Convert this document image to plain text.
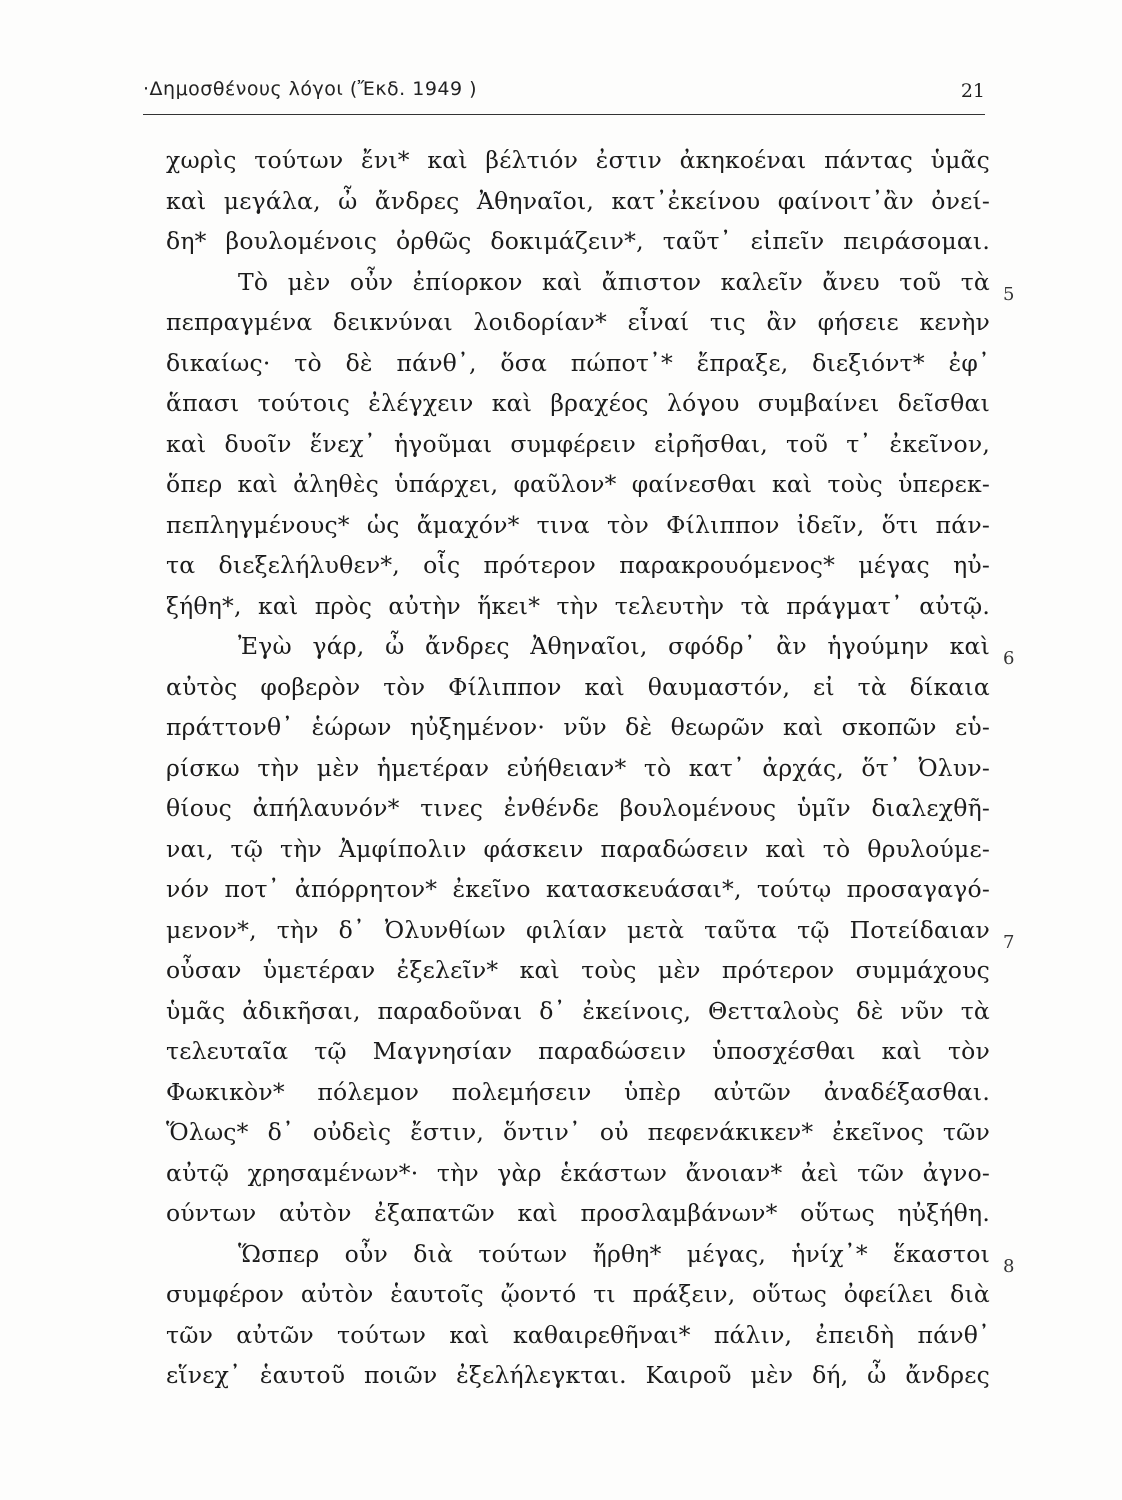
·Δημοσθένους λόγοι (Ἔκδ. 1949 )	21
χωρὶς τούτων ἔνι* καὶ βέλτιόν ἐστιν ἀκηκοέναι πάντας ὑμᾶς
καὶ μεγάλα, ὦ ἄνδρες Ἀθηναῖοι, κατ᾽ἐκείνου φαίνοιτ᾽ἂν ὀνεί-
δη* βουλομένοις ὀρθῶς δοκιμάζειν*, ταῦτ᾽ εἰπεῖν πειράσομαι.
Τὸ μὲν οὖν ἐπίορκον καὶ ἄπιστον καλεῖν ἄνευ τοῦ τὰ
πεπραγμένα δεικνύναι λοιδορίαν* εἶναί τις ἂν φήσειε κενὴν
δικαίως· τὸ δὲ πάνθ᾽, ὅσα πώποτ᾽* ἔπραξε, διεξιόντ* ἐφ᾽
ἅπασι τούτοις ἐλέγχειν καὶ βραχέος λόγου συμβαίνει δεῖσθαι
καὶ δυοῖν ἕνεχ᾽ ἡγοῦμαι συμφέρειν εἰρῆσθαι, τοῦ τ᾽ ἐκεῖνον,
ὅπερ καὶ ἀληθὲς ὑπάρχει, φαῦλον* φαίνεσθαι καὶ τοὺς ὑπερεκ-
πεπληγμένους* ὡς ἄμαχόν* τινα τὸν Φίλιππον ἰδεῖν, ὅτι πάν-
τα διεξελήλυθεν*, οἷς πρότερον παρακρουόμενος* μέγας ηὐ-
ξήθη*, καὶ πρὸς αὐτὴν ἥκει* τὴν τελευτὴν τὰ πράγματ᾽ αὐτῷ.
Ἐγὼ γάρ, ὦ ἄνδρες Ἀθηναῖοι, σφόδρ᾽ ἂν ἡγούμην καὶ
αὐτὸς φοβερὸν τὸν Φίλιππον καὶ θαυμαστόν, εἰ τὰ δίκαια
πράττονθ᾽ ἑώρων ηὐξημένον· νῦν δὲ θεωρῶν καὶ σκοπῶν εὑ-
ρίσκω τὴν μὲν ἡμετέραν εὐήθειαν* τὸ κατ᾽ ἀρχάς, ὅτ᾽ Ὀλυν-
θίους ἀπήλαυνόν* τινες ἐνθένδε βουλομένους ὑμῖν διαλεχθῆ-
ναι, τῷ τὴν Ἀμφίπολιν φάσκειν παραδώσειν καὶ τὸ θρυλούμε-
νόν ποτ᾽ ἀπόρρητον* ἐκεῖνο κατασκευάσαι*, τούτῳ προσαγαγό-
μενον*, τὴν δ᾽ Ὀλυνθίων φιλίαν μετὰ ταῦτα τῷ Ποτείδαιαν
οὖσαν ὑμετέραν ἐξελεῖν* καὶ τοὺς μὲν πρότερον συμμάχους
ὑμᾶς ἀδικῆσαι, παραδοῦναι δ᾽ ἐκείνοις, Θετταλοὺς δὲ νῦν τὰ
τελευταῖα τῷ Μαγνησίαν παραδώσειν ὑποσχέσθαι καὶ τὸν
Φωκικὸν* πόλεμον πολεμήσειν ὑπὲρ αὐτῶν ἀναδέξασθαι.
Ὅλως* δ᾽ οὐδεὶς ἔστιν, ὅντιν᾽ οὐ πεφενάκικεν* ἐκεῖνος τῶν
αὐτῷ χρησαμένων*· τὴν γὰρ ἑκάστων ἄνοιαν* ἀεὶ τῶν ἀγνο-
ούντων αὐτὸν ἐξαπατῶν καὶ προσλαμβάνων* οὕτως ηὐξήθη.
Ὥσπερ οὖν διὰ τούτων ἤρθη* μέγας, ἡνίχ᾽* ἕκαστοι
συμφέρον αὐτὸν ἑαυτοῖς ᾤοντό τι πράξειν, οὕτως ὀφείλει διὰ
τῶν αὐτῶν τούτων καὶ καθαιρεθῆναι* πάλιν, ἐπειδὴ πάνθ᾽
εἵνεχ᾽ ἑαυτοῦ ποιῶν ἐξελήλεγκται. Καιροῦ μὲν δή, ὦ ἄνδρες
5
6
7
8
